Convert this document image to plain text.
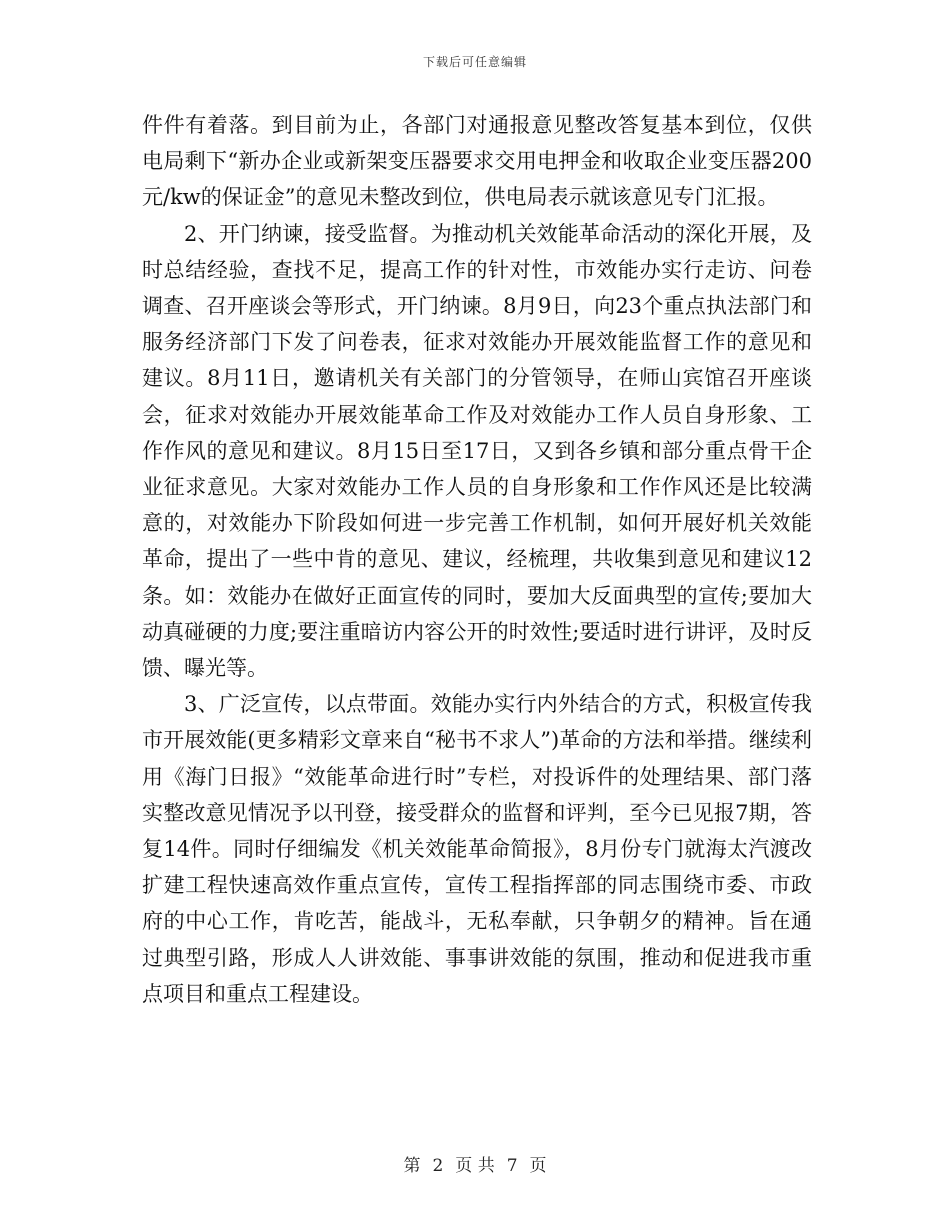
下载后可任意编辑

件件有着落。到目前为止，各部门对通报意见整改答复基本到位，仅供电局剩下“新办企业或新架变压器要求交用电押金和收取企业变压器200元/kw的保证金”的意见未整改到位，供电局表示就该意见专门汇报。

2、开门纳谏，接受监督。为推动机关效能革命活动的深化开展，及时总结经验，查找不足，提高工作的针对性，市效能办实行走访、问卷调查、召开座谈会等形式，开门纳谏。8月9日，向23个重点执法部门和服务经济部门下发了问卷表，征求对效能办开展效能监督工作的意见和建议。8月11日，邀请机关有关部门的分管领导，在师山宾馆召开座谈会，征求对效能办开展效能革命工作及对效能办工作人员自身形象、工作作风的意见和建议。8月15日至17日，又到各乡镇和部分重点骨干企业征求意见。大家对效能办工作人员的自身形象和工作作风还是比较满意的，对效能办下阶段如何进一步完善工作机制，如何开展好机关效能革命，提出了一些中肯的意见、建议，经梳理，共收集到意见和建议12条。如：效能办在做好正面宣传的同时，要加大反面典型的宣传;要加大动真碰硬的力度;要注重暗访内容公开的时效性;要适时进行讲评，及时反馈、曝光等。

3、广泛宣传，以点带面。效能办实行内外结合的方式，积极宣传我市开展效能(更多精彩文章来自“秘书不求人”)革命的方法和举措。继续利用《海门日报》“效能革命进行时”专栏，对投诉件的处理结果、部门落实整改意见情况予以刊登，接受群众的监督和评判，至今已见报7期，答复14件。同时仔细编发《机关效能革命简报》，8月份专门就海太汽渡改扩建工程快速高效作重点宣传，宣传工程指挥部的同志围绕市委、市政府的中心工作，肯吃苦，能战斗，无私奉献，只争朝夕的精神。旨在通过典型引路，形成人人讲效能、事事讲效能的氛围，推动和促进我市重点项目和重点工程建设。

第 2 页 共 7 页
